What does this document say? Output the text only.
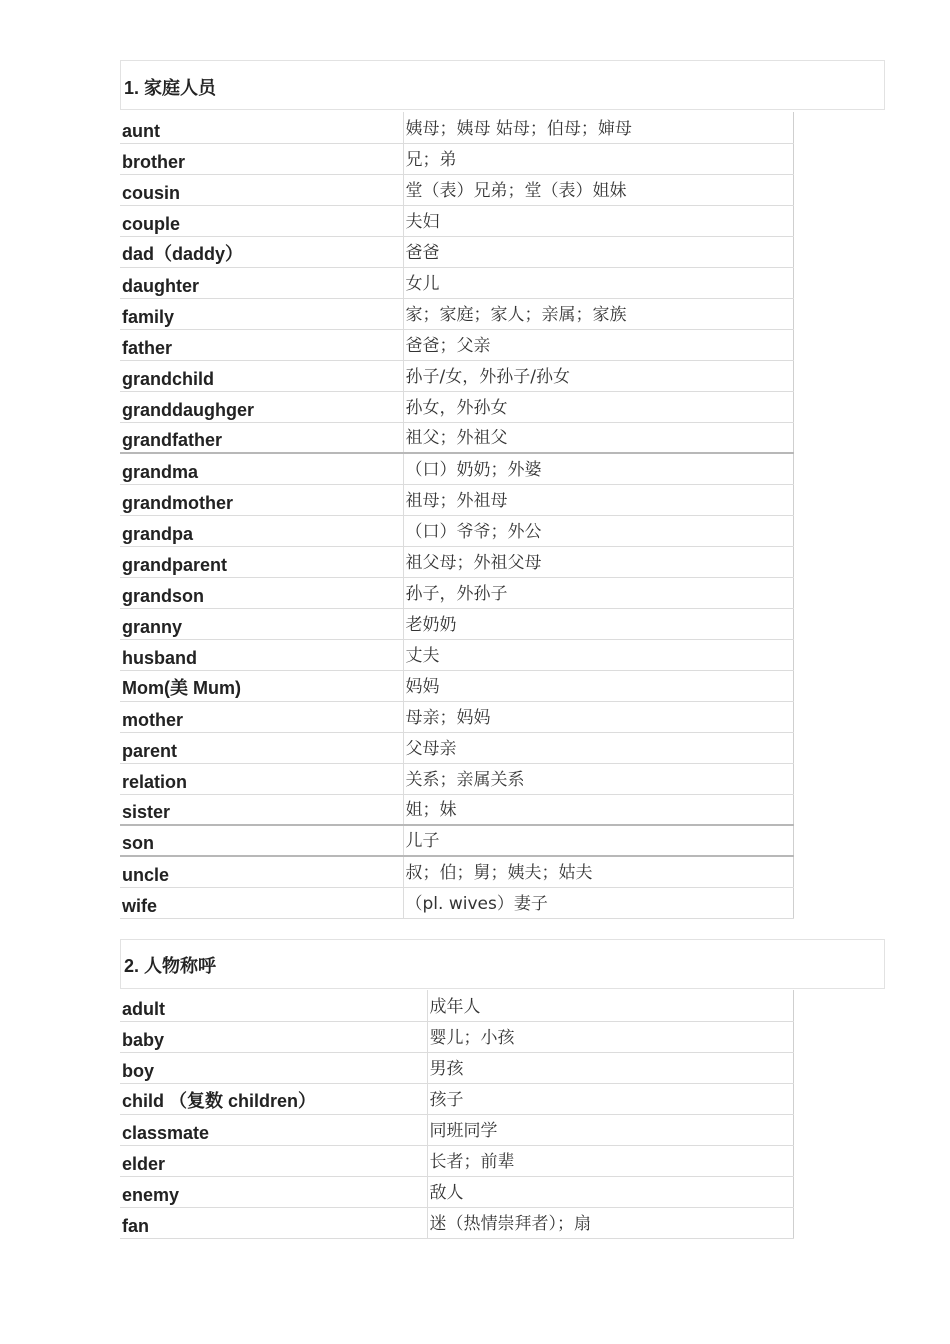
1. 家庭人员
aunt	姨母；姨母 姑母；伯母；婶母
brother	兄；弟
cousin	堂（表）兄弟；堂（表）姐妹
couple	夫妇
dad（daddy）	爸爸
daughter	女儿
family	家；家庭；家人；亲属；家族
father	爸爸；父亲
grandchild	孙子/女，外孙子/孙女
granddaughger	孙女，外孙女
grandfather	祖父；外祖父
grandma	（口）奶奶；外婆
grandmother	祖母；外祖母
grandpa	（口）爷爷；外公
grandparent	祖父母；外祖父母
grandson	孙子，外孙子
granny	老奶奶
husband	丈夫
Mom(美 Mum)	妈妈
mother	母亲；妈妈
parent	父母亲
relation	关系；亲属关系
sister	姐；妹
son	儿子
uncle	叔；伯；舅；姨夫；姑夫
wife	（pl. wives）妻子
2. 人物称呼
adult	成年人
baby	婴儿；小孩
boy	男孩
child （复数 children）	孩子
classmate	同班同学
elder	长者；前辈
enemy	敌人
fan	迷（热情崇拜者）；扇
